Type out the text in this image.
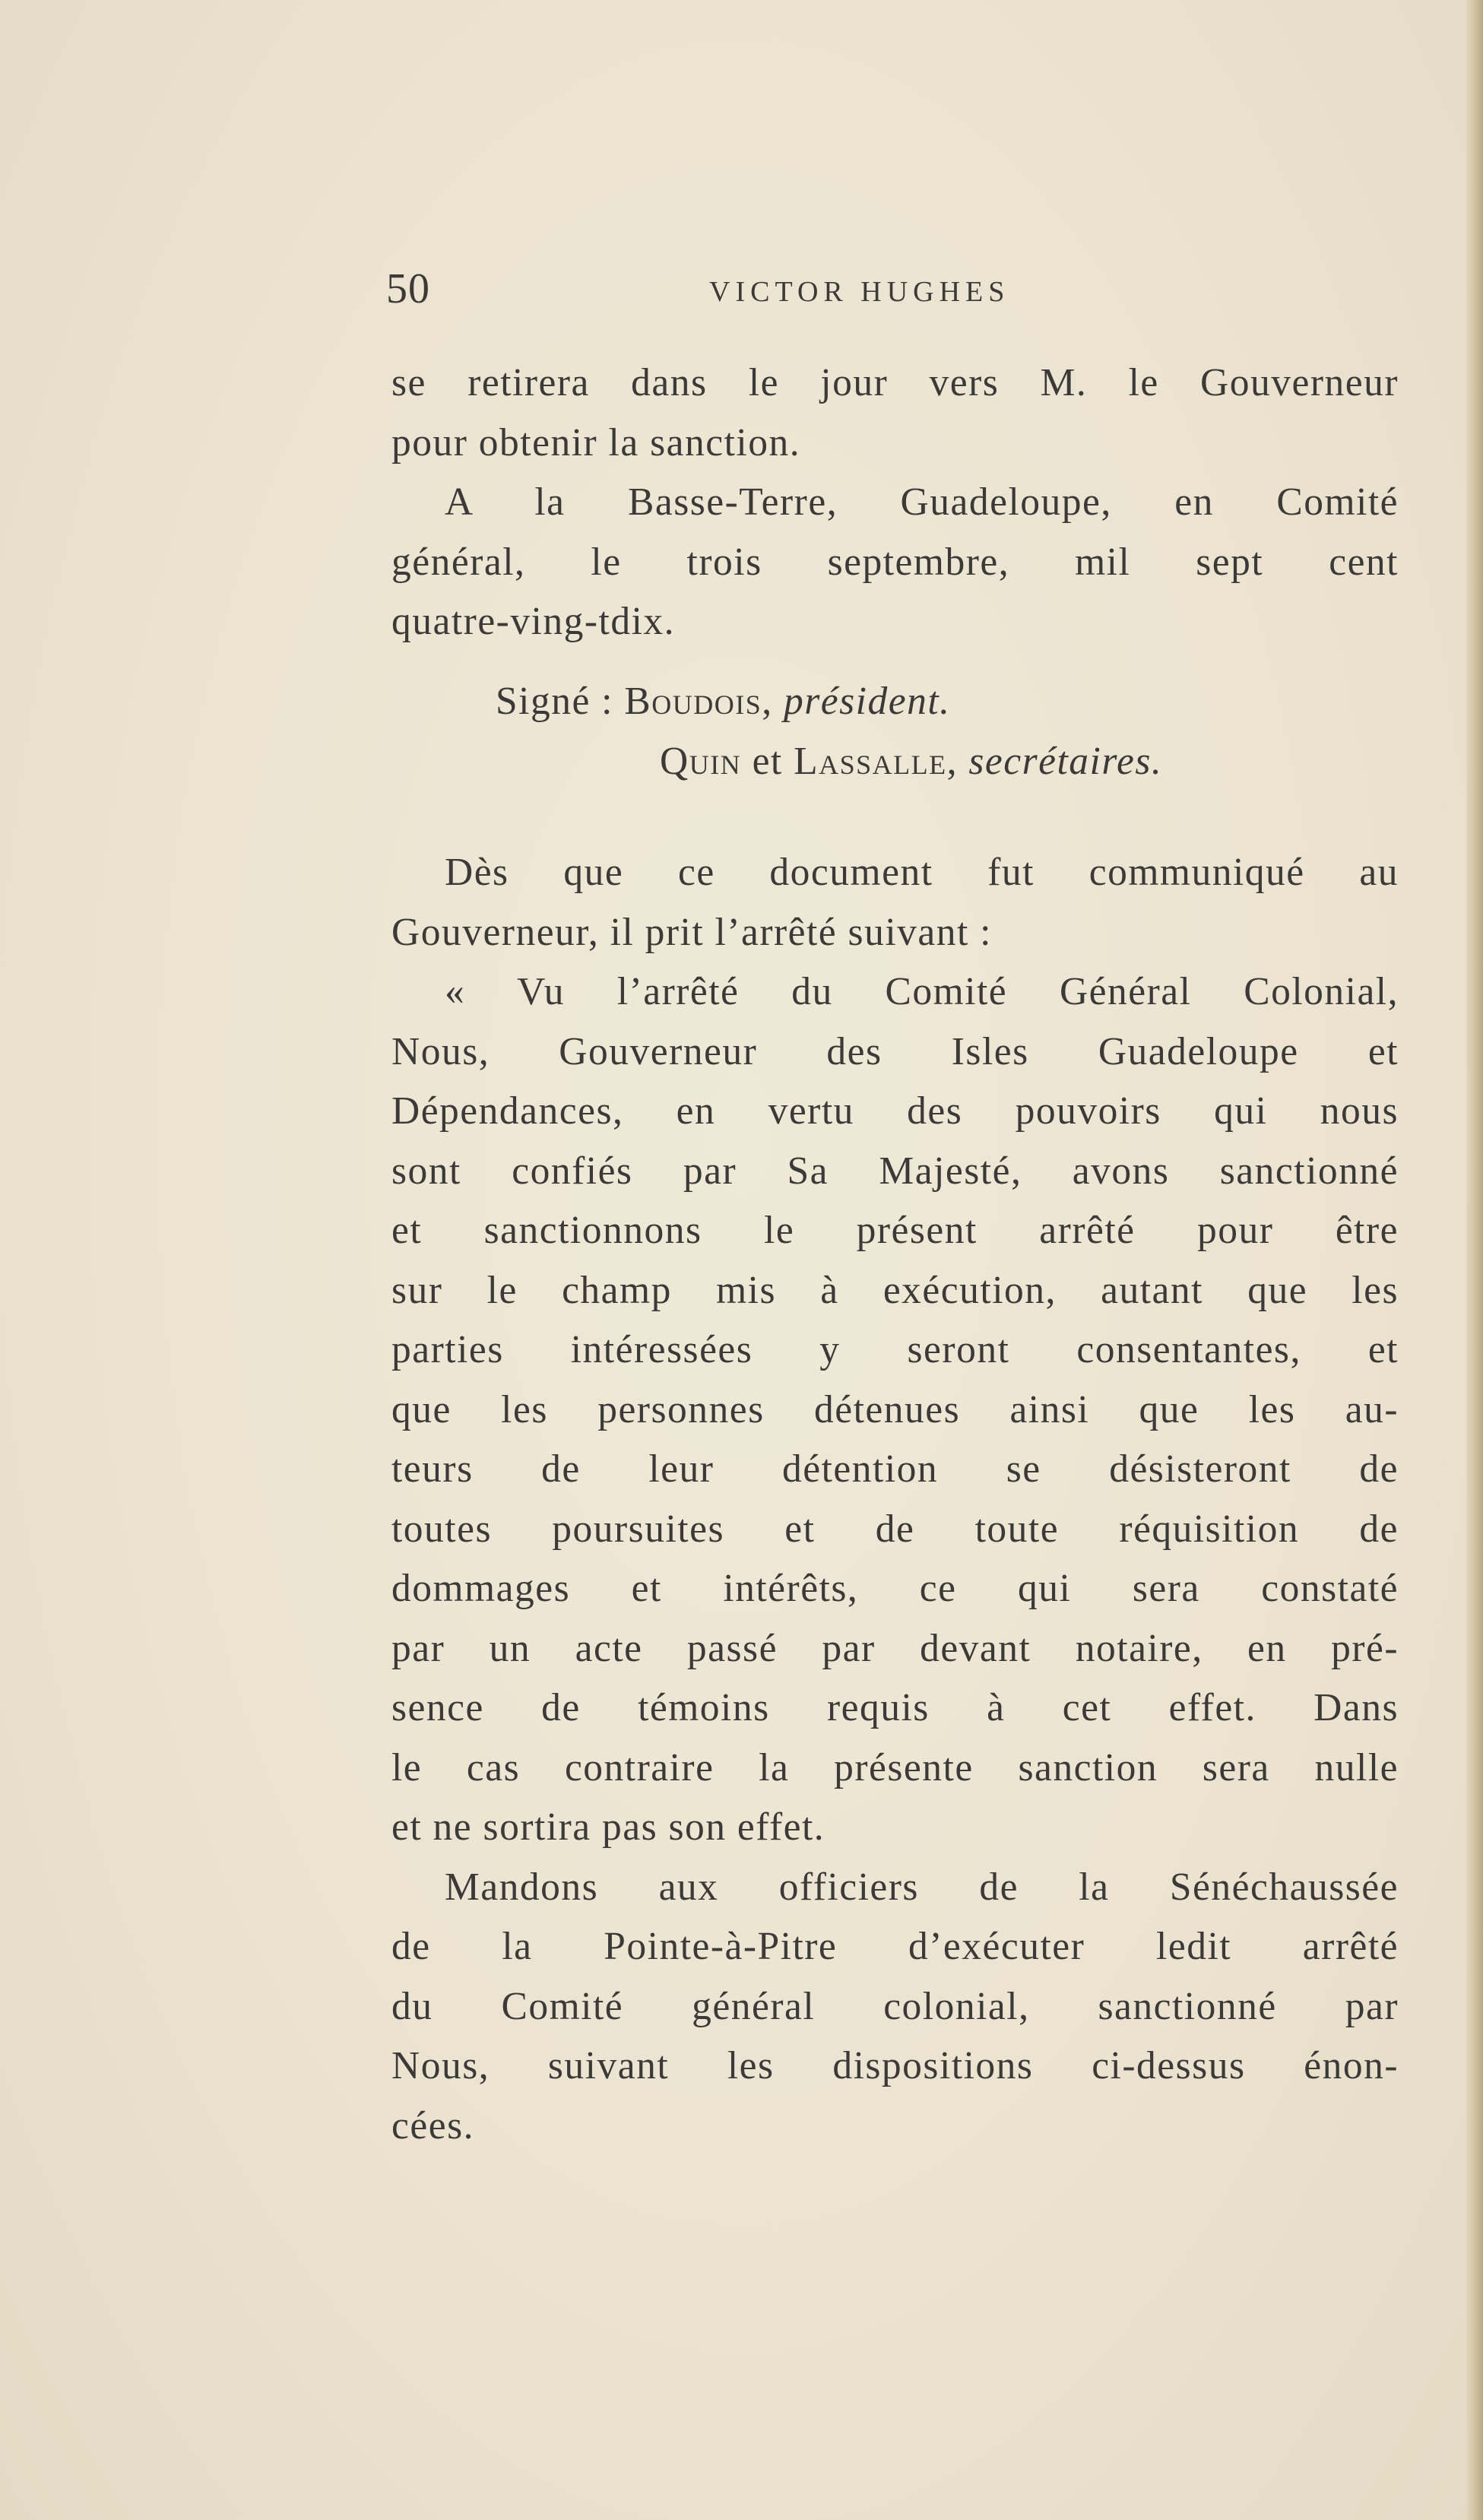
50	VICTOR HUGHES
se retirera dans le jour vers M. le Gouverneur
pour obtenir la sanction.
A la Basse-Terre, Guadeloupe, en Comité
général, le trois septembre, mil sept cent
quatre-ving-tdix.
Signé : Boudois, président.
Quin et Lassalle, secrétaires.
Dès que ce document fut communiqué au
Gouverneur, il prit l’arrêté suivant :
« Vu l’arrêté du Comité Général Colonial,
Nous, Gouverneur des Isles Guadeloupe et
Dépendances, en vertu des pouvoirs qui nous
sont confiés par Sa Majesté, avons sanctionné
et sanctionnons le présent arrêté pour être
sur le champ mis à exécution, autant que les
parties intéressées y seront consentantes, et
que les personnes détenues ainsi que les au-
teurs de leur détention se désisteront de
toutes poursuites et de toute réquisition de
dommages et intérêts, ce qui sera constaté
par un acte passé par devant notaire, en pré-
sence de témoins requis à cet effet. Dans
le cas contraire la présente sanction sera nulle
et ne sortira pas son effet.
Mandons aux officiers de la Sénéchaussée
de la Pointe-à-Pitre d’exécuter ledit arrêté
du Comité général colonial, sanctionné par
Nous, suivant les dispositions ci-dessus énon-
cées.
